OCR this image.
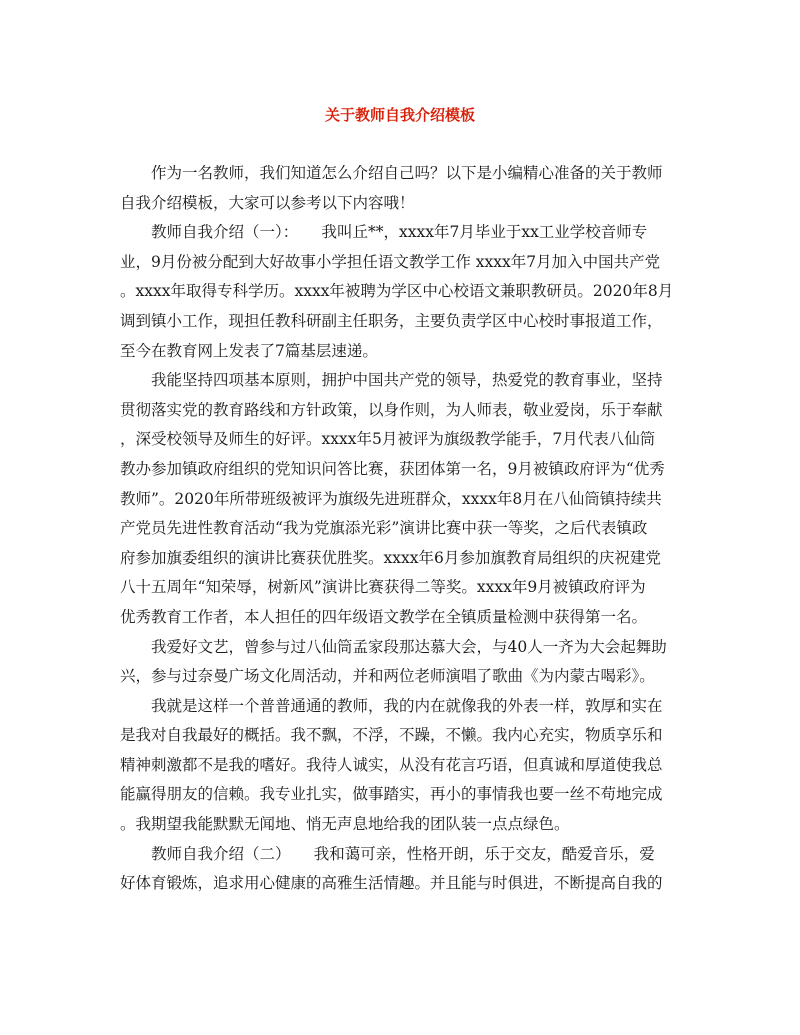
关于教师自我介绍模板
作为一名教师，我们知道怎么介绍自己吗？以下是小编精心准备的关于教师
自我介绍模板，大家可以参考以下内容哦！
教师自我介绍（一）：　　我叫丘**，xxxx年7月毕业于xx工业学校音师专
业，9月份被分配到大好故事小学担任语文教学工作 xxxx年7月加入中国共产党
。xxxx年取得专科学历。xxxx年被聘为学区中心校语文兼职教研员。2020年8月
调到镇小工作，现担任教科研副主任职务，主要负责学区中心校时事报道工作，
至今在教育网上发表了7篇基层速递。
我能坚持四项基本原则，拥护中国共产党的领导，热爱党的教育事业，坚持
贯彻落实党的教育路线和方针政策，以身作则，为人师表，敬业爱岗，乐于奉献
，深受校领导及师生的好评。xxxx年5月被评为旗级教学能手，7月代表八仙筒
教办参加镇政府组织的党知识问答比赛，获团体第一名，9月被镇政府评为“优秀
教师”。2020年所带班级被评为旗级先进班群众，xxxx年8月在八仙筒镇持续共
产党员先进性教育活动“我为党旗添光彩”演讲比赛中获一等奖，之后代表镇政
府参加旗委组织的演讲比赛获优胜奖。xxxx年6月参加旗教育局组织的庆祝建党
八十五周年“知荣辱，树新风”演讲比赛获得二等奖。xxxx年9月被镇政府评为
优秀教育工作者，本人担任的四年级语文教学在全镇质量检测中获得第一名。
我爱好文艺，曾参与过八仙筒孟家段那达慕大会，与40人一齐为大会起舞助
兴，参与过奈曼广场文化周活动，并和两位老师演唱了歌曲《为内蒙古喝彩》。
我就是这样一个普普通通的教师，我的内在就像我的外表一样，敦厚和实在
是我对自我最好的概括。我不飘，不浮，不躁，不懒。我内心充实，物质享乐和
精神刺激都不是我的嗜好。我待人诚实，从没有花言巧语，但真诚和厚道使我总
能赢得朋友的信赖。我专业扎实，做事踏实，再小的事情我也要一丝不苟地完成
。我期望我能默默无闻地、悄无声息地给我的团队装一点点绿色。
教师自我介绍（二）　　我和蔼可亲，性格开朗，乐于交友，酷爱音乐，爱
好体育锻炼，追求用心健康的高雅生活情趣。并且能与时俱进，不断提高自我的
